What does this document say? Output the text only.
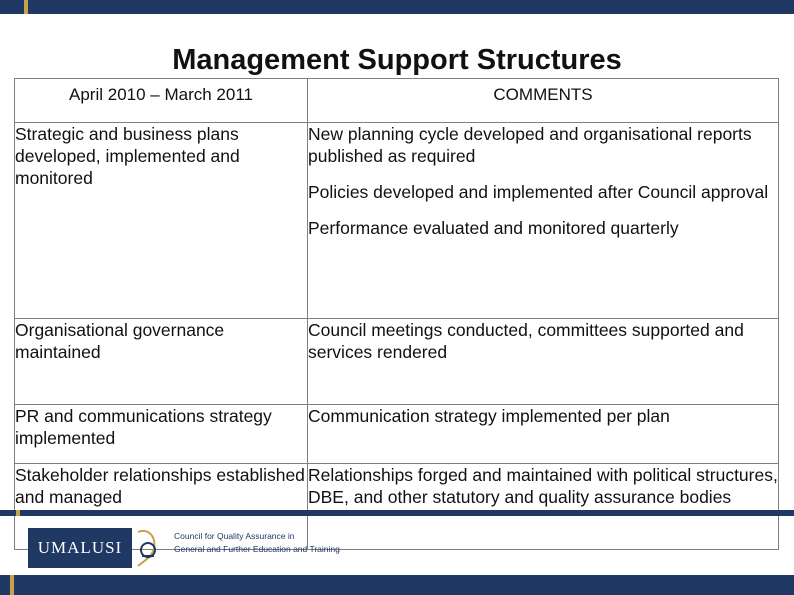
Management Support Structures
April 2010 – March 2011	COMMENTS

Strategic and business plans developed, implemented and monitored	New planning cycle developed and organisational reports published as required
Policies developed and implemented after Council approval
Performance evaluated and monitored quarterly

Organisational governance maintained	Council meetings conducted, committees supported and services rendered
PR and communications strategy implemented	Communication strategy implemented per plan
Stakeholder relationships established and managed	Relationships forged and maintained with political structures, DBE, and other statutory and quality assurance bodies
UMALUSI
Council for Quality Assurance in
General and Further Education and Training
